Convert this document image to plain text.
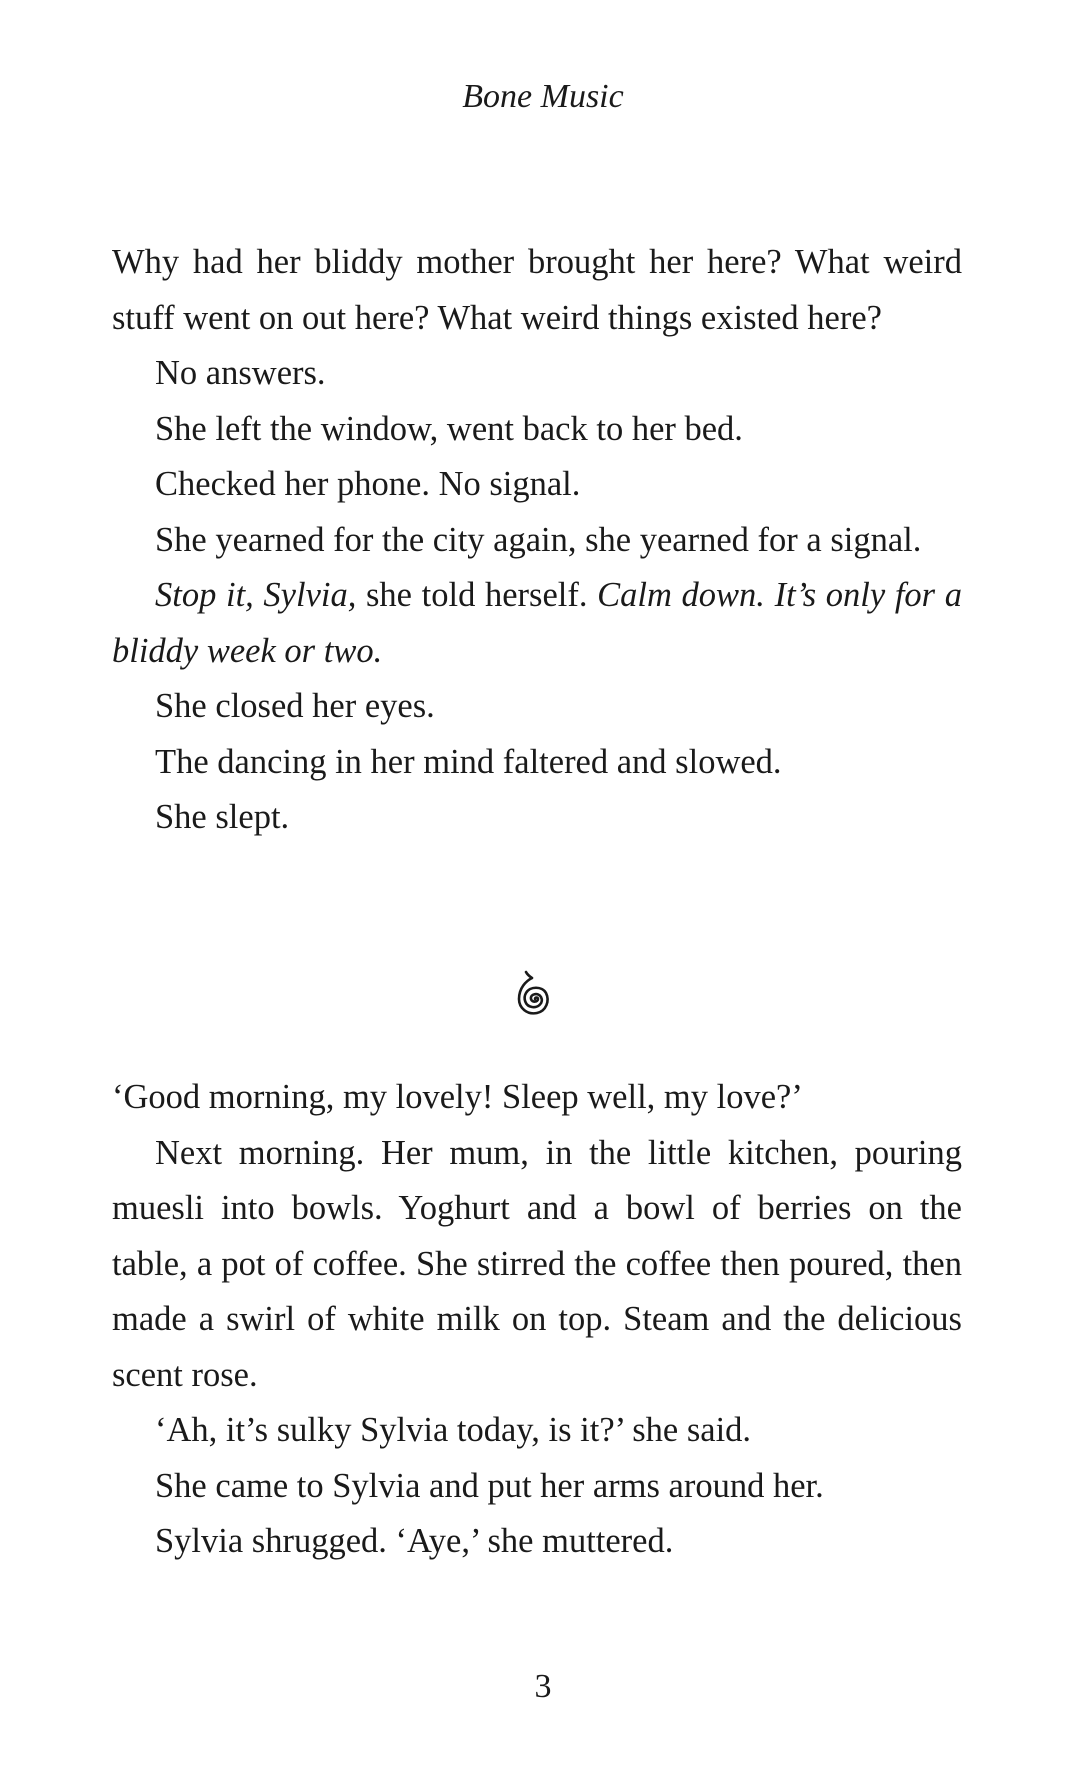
Bone Music

Why had her bliddy mother brought her here? What weird stuff went on out here? What weird things existed here?

No answers.

She left the window, went back to her bed.

Checked her phone. No signal.

She yearned for the city again, she yearned for a signal.

Stop it, Sylvia, she told herself. Calm down. It’s only for a bliddy week or two.

She closed her eyes.

The dancing in her mind faltered and slowed.

She slept.

‘Good morning, my lovely! Sleep well, my love?’

Next morning. Her mum, in the little kitchen, pouring muesli into bowls. Yoghurt and a bowl of berries on the table, a pot of coffee. She stirred the coffee then poured, then made a swirl of white milk on top. Steam and the delicious scent rose.

‘Ah, it’s sulky Sylvia today, is it?’ she said.

She came to Sylvia and put her arms around her.

Sylvia shrugged. ‘Aye,’ she muttered.

3
